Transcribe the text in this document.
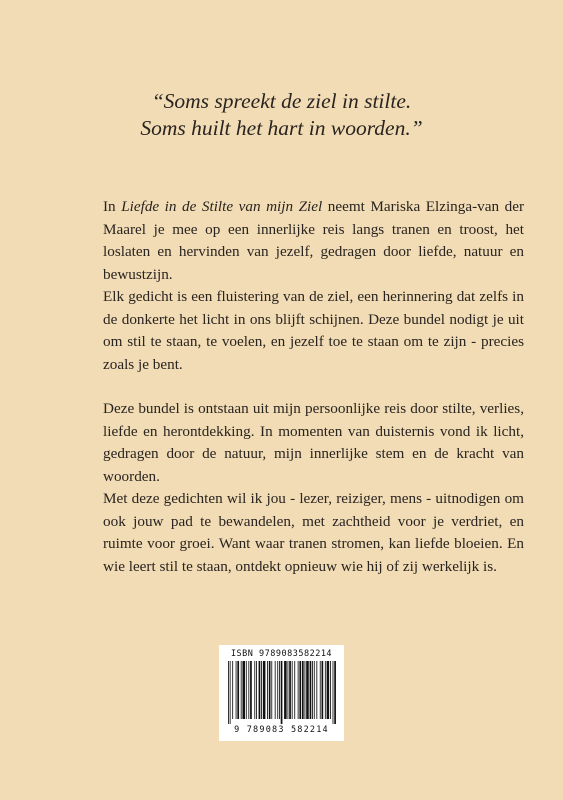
“Soms spreekt de ziel in stilte.
Soms huilt het hart in woorden.”

In Liefde in de Stilte van mijn Ziel neemt Mariska Elzinga-van der Maarel je mee op een innerlijke reis langs tranen en troost, het loslaten en hervinden van jezelf, gedragen door liefde, natuur en bewustzijn.

Elk gedicht is een fluistering van de ziel, een herinnering dat zelfs in de donkerte het licht in ons blijft schijnen. Deze bundel nodigt je uit om stil te staan, te voelen, en jezelf toe te staan om te zijn - precies zoals je bent.

Deze bundel is ontstaan uit mijn persoonlijke reis door stilte, verlies, liefde en herontdekking. In momenten van duisternis vond ik licht, gedragen door de natuur, mijn innerlijke stem en de kracht van woorden.

Met deze gedichten wil ik jou - lezer, reiziger, mens - uitnodigen om ook jouw pad te bewandelen, met zachtheid voor je verdriet, en ruimte voor groei. Want waar tranen stromen, kan liefde bloeien. En wie leert stil te staan, ontdekt opnieuw wie hij of zij werkelijk is.

ISBN 9789083582214
9 789083 582214
